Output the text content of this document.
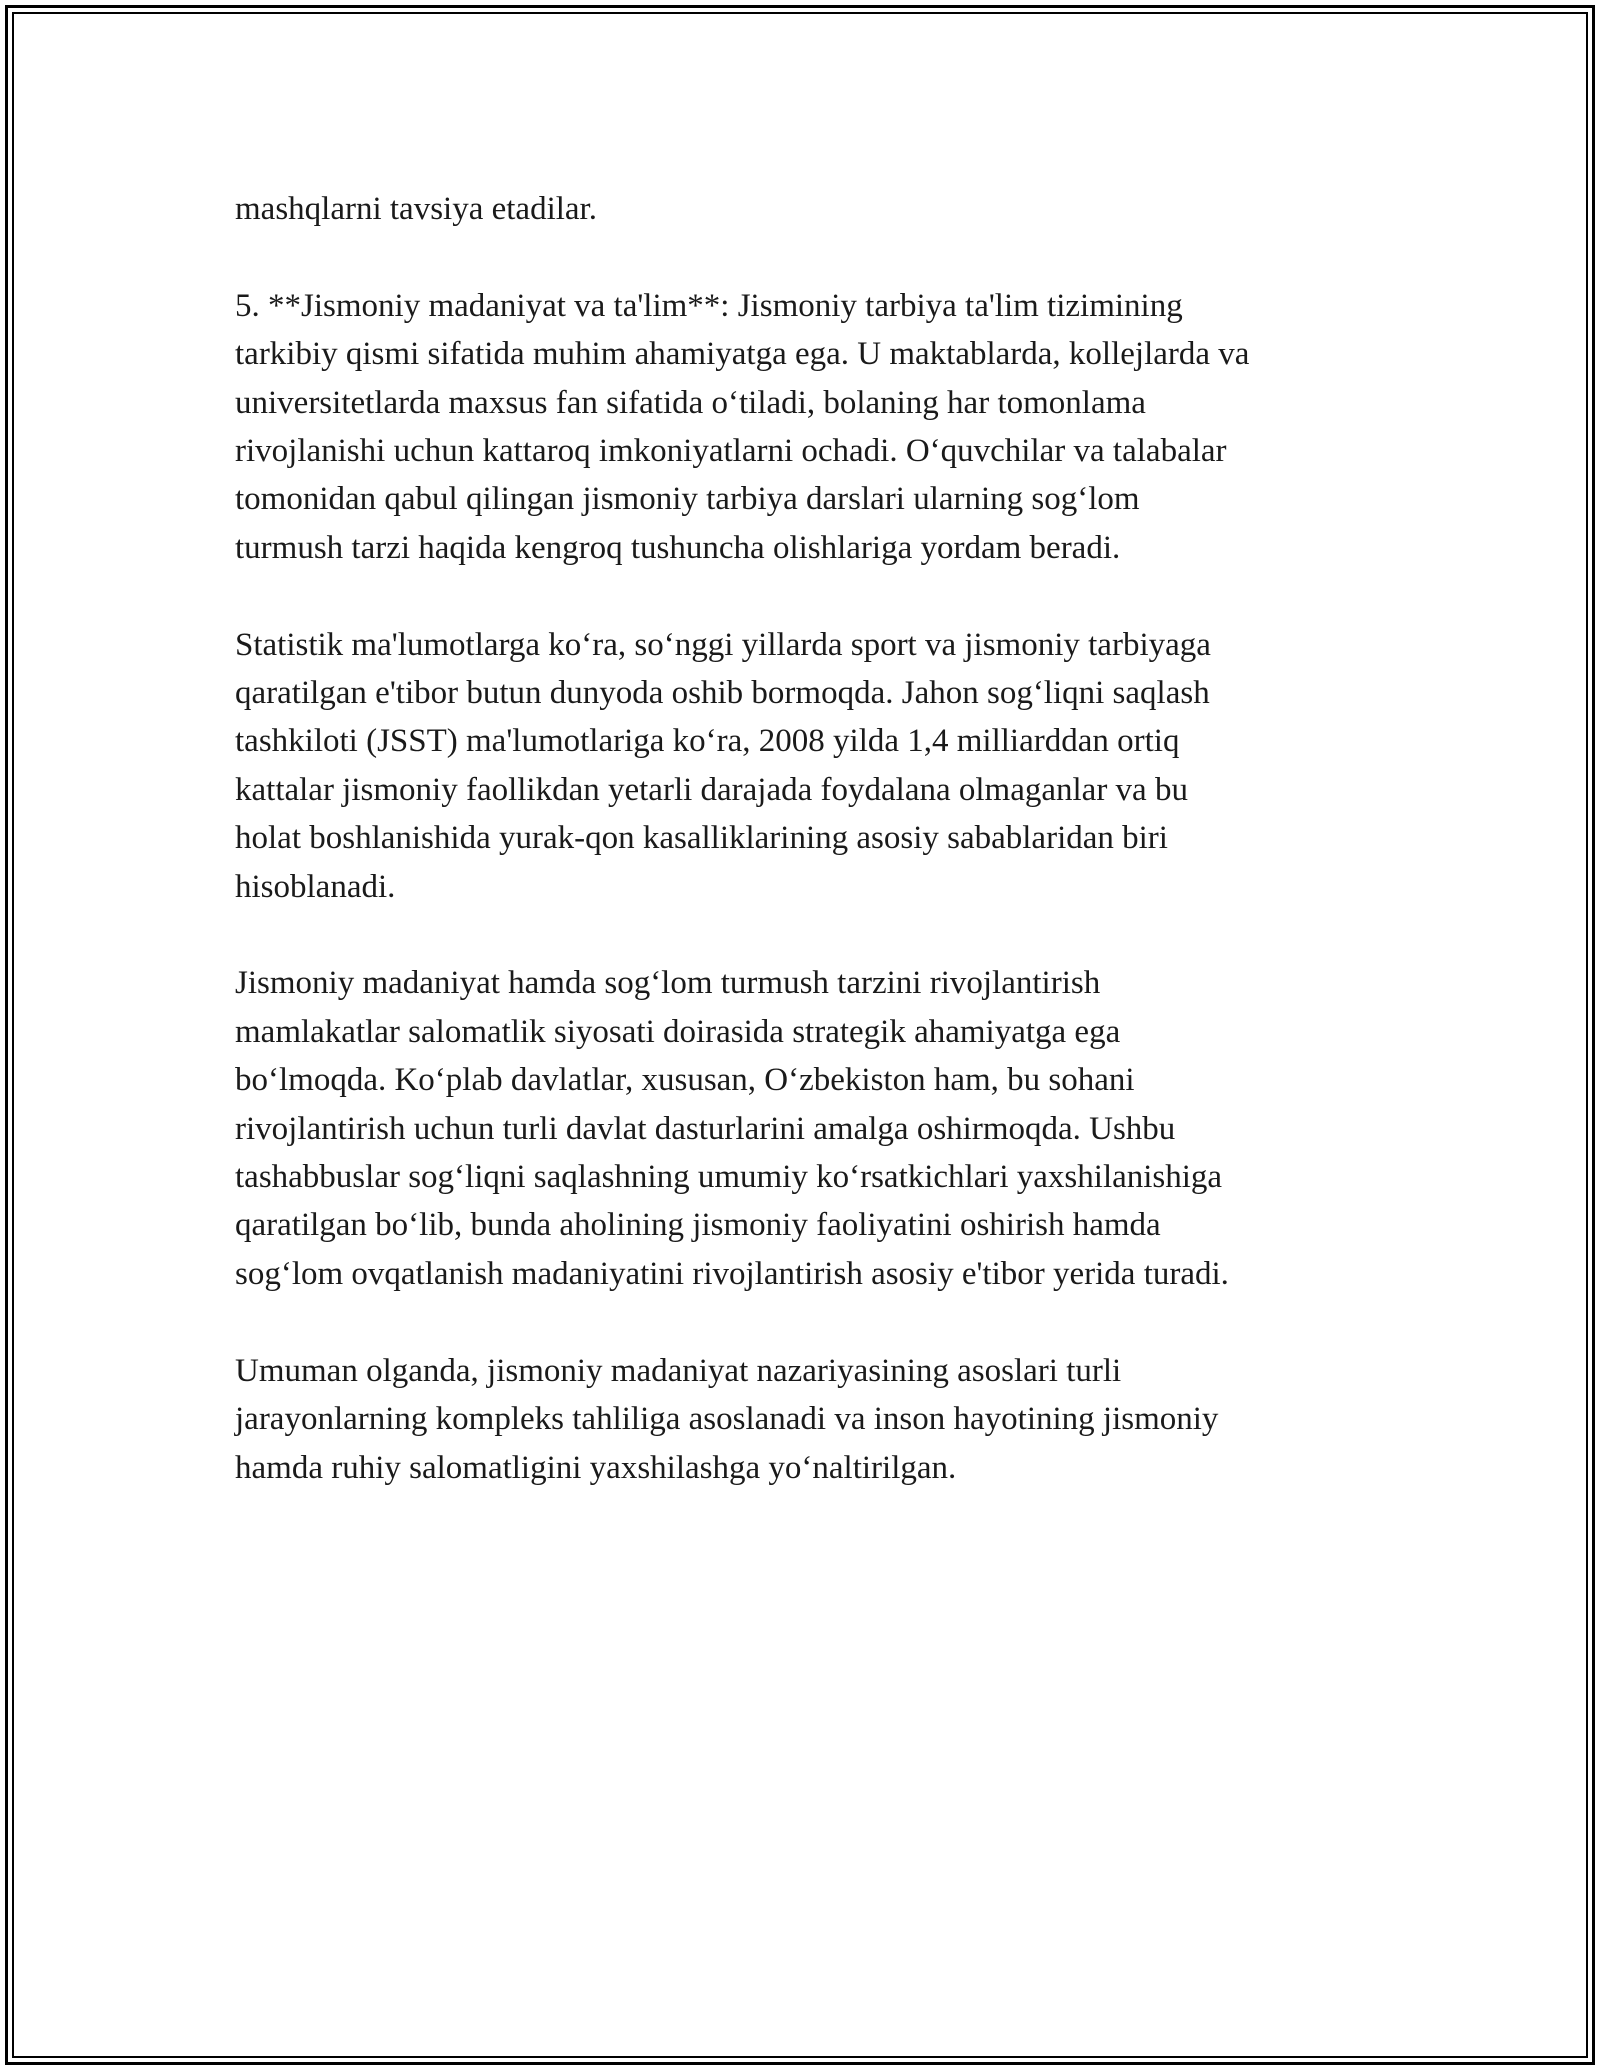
mashqlarni tavsiya etadilar.

5. **Jismoniy madaniyat va ta'lim**: Jismoniy tarbiya ta'lim tizimining
tarkibiy qismi sifatida muhim ahamiyatga ega. U maktablarda, kollejlarda va
universitetlarda maxsus fan sifatida o‘tiladi, bolaning har tomonlama
rivojlanishi uchun kattaroq imkoniyatlarni ochadi. O‘quvchilar va talabalar
tomonidan qabul qilingan jismoniy tarbiya darslari ularning sog‘lom
turmush tarzi haqida kengroq tushuncha olishlariga yordam beradi.

Statistik ma'lumotlarga ko‘ra, so‘nggi yillarda sport va jismoniy tarbiyaga
qaratilgan e'tibor butun dunyoda oshib bormoqda. Jahon sog‘liqni saqlash
tashkiloti (JSST) ma'lumotlariga ko‘ra, 2008 yilda 1,4 milliarddan ortiq
kattalar jismoniy faollikdan yetarli darajada foydalana olmaganlar va bu
holat boshlanishida yurak-qon kasalliklarining asosiy sabablaridan biri
hisoblanadi.

Jismoniy madaniyat hamda sog‘lom turmush tarzini rivojlantirish
mamlakatlar salomatlik siyosati doirasida strategik ahamiyatga ega
bo‘lmoqda. Ko‘plab davlatlar, xususan, O‘zbekiston ham, bu sohani
rivojlantirish uchun turli davlat dasturlarini amalga oshirmoqda. Ushbu
tashabbuslar sog‘liqni saqlashning umumiy ko‘rsatkichlari yaxshilanishiga
qaratilgan bo‘lib, bunda aholining jismoniy faoliyatini oshirish hamda
sog‘lom ovqatlanish madaniyatini rivojlantirish asosiy e'tibor yerida turadi.

Umuman olganda, jismoniy madaniyat nazariyasining asoslari turli
jarayonlarning kompleks tahliliga asoslanadi va inson hayotining jismoniy
hamda ruhiy salomatligini yaxshilashga yo‘naltirilgan.
